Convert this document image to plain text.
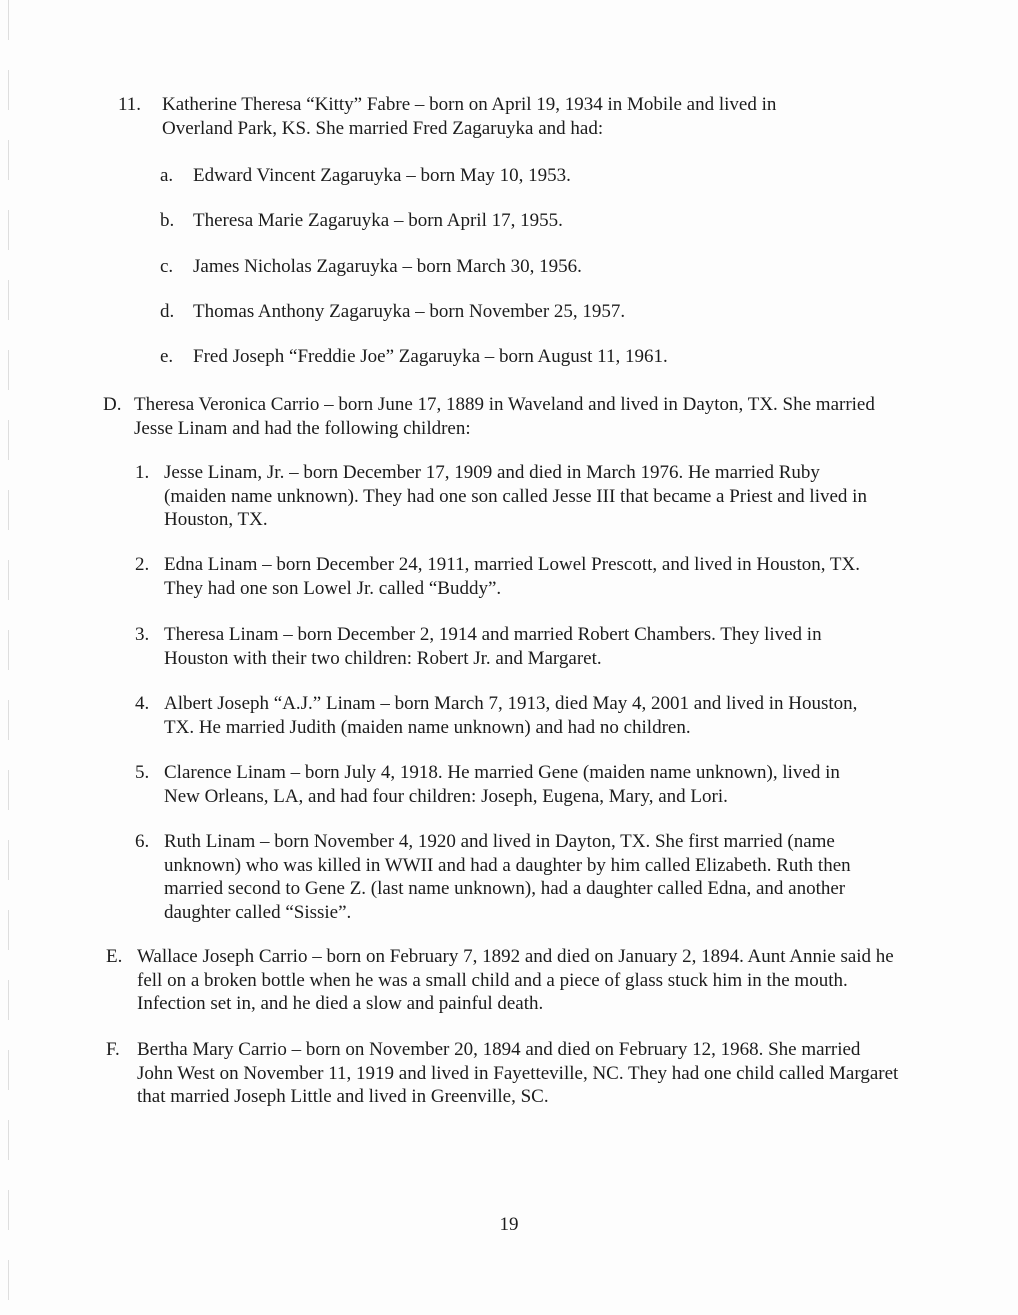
11.	Katherine Theresa “Kitty” Fabre – born on April 19, 1934 in Mobile and lived in Overland Park, KS. She married Fred Zagaruyka and had:
a.	Edward Vincent Zagaruyka – born May 10, 1953.
b. Theresa Marie Zagaruyka – born April 17, 1955.
c.	James Nicholas Zagaruyka – born March 30, 1956.
d. Thomas Anthony Zagaruyka – born November 25, 1957.
e.	Fred Joseph “Freddie Joe” Zagaruyka – born August 11, 1961.
D. Theresa Veronica Carrio – born June 17, 1889 in Waveland and lived in Dayton, TX. She married Jesse Linam and had the following children:
1. Jesse Linam, Jr. – born December 17, 1909 and died in March 1976. He married Ruby (maiden name unknown). They had one son called Jesse III that became a Priest and lived in Houston, TX.
2. Edna Linam – born December 24, 1911, married Lowel Prescott, and lived in Houston, TX. They had one son Lowel Jr. called “Buddy”.
3. Theresa Linam – born December 2, 1914 and married Robert Chambers. They lived in Houston with their two children: Robert Jr. and Margaret.
4. Albert Joseph “A.J.” Linam – born March 7, 1913, died May 4, 2001 and lived in Houston, TX. He married Judith (maiden name unknown) and had no children.
5. Clarence Linam – born July 4, 1918. He married Gene (maiden name unknown), lived in New Orleans, LA, and had four children: Joseph, Eugena, Mary, and Lori.
6. Ruth Linam – born November 4, 1920 and lived in Dayton, TX. She first married (name unknown) who was killed in WWII and had a daughter by him called Elizabeth. Ruth then married second to Gene Z. (last name unknown), had a daughter called Edna, and another daughter called “Sissie”.
E. Wallace Joseph Carrio – born on February 7, 1892 and died on January 2, 1894. Aunt Annie said he fell on a broken bottle when he was a small child and a piece of glass stuck him in the mouth. Infection set in, and he died a slow and painful death.
F. Bertha Mary Carrio – born on November 20, 1894 and died on February 12, 1968. She married John West on November 11, 1919 and lived in Fayetteville, NC. They had one child called Margaret that married Joseph Little and lived in Greenville, SC.
19
